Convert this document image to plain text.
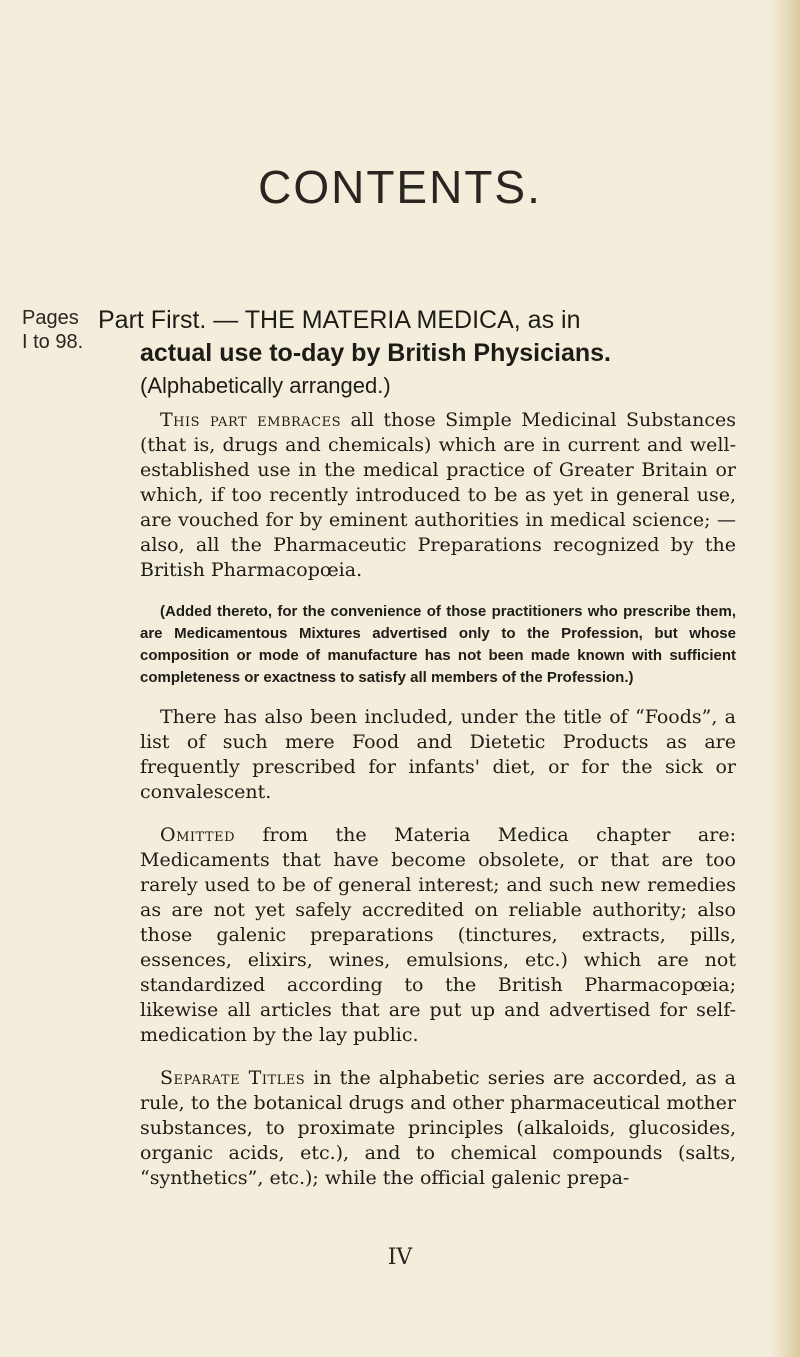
CONTENTS.
Pages
I to 98.
Part First. — THE MATERIA MEDICA, as in
actual use to-day by British Physicians.
(Alphabetically arranged.)

This part embraces all those Simple Medicinal Substances (that is, drugs and chemicals) which are in current and well-established use in the medical practice of Greater Britain or which, if too recently introduced to be as yet in general use, are vouched for by eminent authorities in medical science; — also, all the Pharmaceutic Preparations recognized by the British Pharmacopœia.

(Added thereto, for the convenience of those practitioners who prescribe them, are Medicamentous Mixtures advertised only to the Profession, but whose composition or mode of manufacture has not been made known with sufficient completeness or exactness to satisfy all members of the Profession.)

There has also been included, under the title of “Foods”, a list of such mere Food and Dietetic Products as are frequently prescribed for infants' diet, or for the sick or convalescent.

Omitted from the Materia Medica chapter are: Medicaments that have become obsolete, or that are too rarely used to be of general interest; and such new remedies as are not yet safely accredited on reliable authority; also those galenic preparations (tinctures, extracts, pills, essences, elixirs, wines, emulsions, etc.) which are not standardized according to the British Pharmacopœia; likewise all articles that are put up and advertised for self-medication by the lay public.

Separate Titles in the alphabetic series are accorded, as a rule, to the botanical drugs and other pharmaceutical mother substances, to proximate principles (alkaloids, glucosides, organic acids, etc.), and to chemical compounds (salts, “synthetics”, etc.); while the official galenic prepa-

IV
